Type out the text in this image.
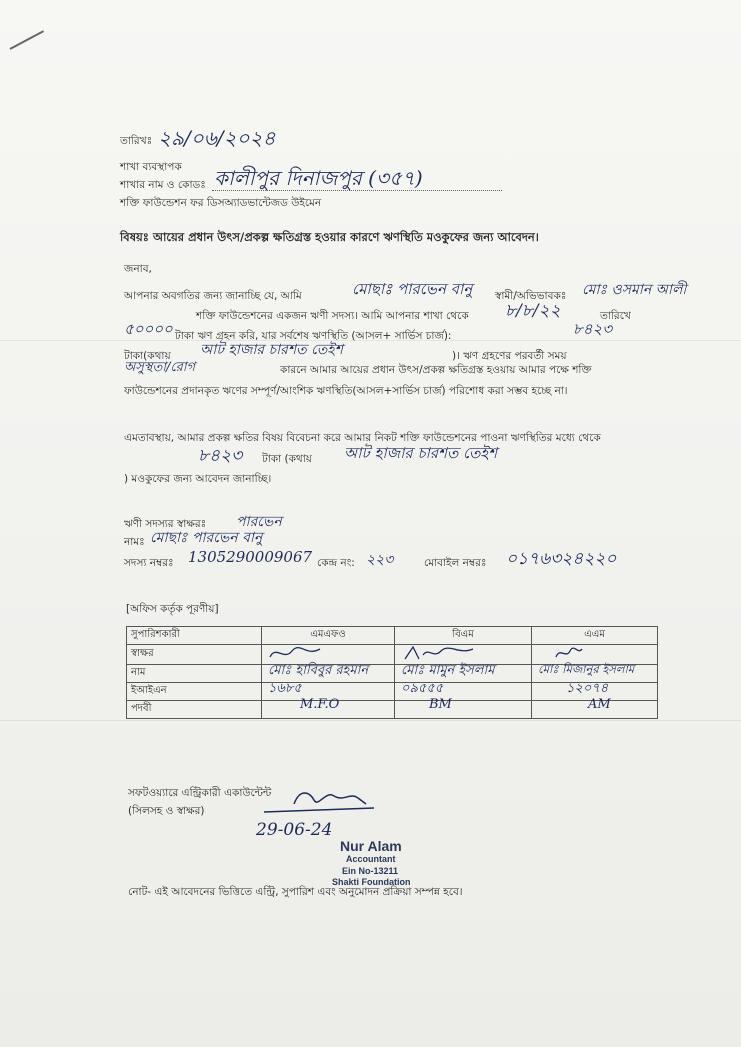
তারিখঃ ২৯/০৬/২০২৪
শাখা ব্যবস্থাপক
শাখার নাম ও কোডঃ কালীপুর দিনাজপুর (৩৫৭)
শক্তি ফাউন্ডেশন ফর ডিসঅ্যাডভান্টেজড উইমেন
বিষয়ঃ আয়ের প্রধান উৎস/প্রকল্প ক্ষতিগ্রস্ত হওয়ার কারণে ঋণস্থিতি মওকুফের জন্য আবেদন।
জনাব,
আপনার অবগতির জন্য জানাচ্ছি যে, আমি	মোছাঃ পারভেন বানু স্বামী/অভিভাবকঃ মোঃ ওসমান আলী
শক্তি ফাউন্ডেশনের একজন ঋণী সদস্য। আমি আপনার শাখা থেকে ৮/৮/২২	তারিখে
৫০০০০ টাকা ঋণ গ্রহন করি, যার সর্বশেষ ঋণস্থিতি (আসল+ সার্ভিস চার্জ):	৮৪২৩
টাকা(কথায় আট হাজার চারশত তেইশ	)। ঋণ গ্রহণের পরবর্তী সময়
অসুস্থতা/রোগ	কারনে আমার আয়ের প্রধান উৎস/প্রকল্প ক্ষতিগ্রস্ত হওয়ায় আমার পক্ষে শক্তি ফাউন্ডেশনের প্রদানকৃত ঋণের সম্পূর্ণ/আংশিক ঋণস্থিতি(আসল+সার্ভিস চার্জ) পরিশোধ করা সম্ভব হচ্ছে না।
এমতাবস্থায়, আমার প্রকল্প ক্ষতির বিষয় বিবেচনা করে আমার নিকট শক্তি ফাউন্ডেশনের পাওনা ঋণস্থিতির মধ্যে থেকে
৮৪২৩ টাকা (কথায় আট হাজার চারশত তেইশ
) মওকুফের জন্য আবেদন জানাচ্ছি।
ঋণী সদস্যর স্বাক্ষরঃ পারভেন
নামঃ মোছাঃ পারভেন বানু
সদস্য নম্বরঃ 1305290009067 কেন্দ্র নং: ২২৩	মোবাইল নম্বরঃ ০১৭৬৩২৪২২০
[অফিস কর্তৃক পূরণীয়]
সুপারিশকারী	এমএফও	বিএম	এএম
স্বাক্ষর			
নাম	মোঃ হাবিবুর রহমান	মোঃ মামুন ইসলাম	মোঃ মিজানুর ইসলাম

ইআইএন	১৬৮৫	০৯৫৫৫	১২০৭৪

পদবী	M.F.O	BM	AM
সফটওয়্যারে এন্ট্রিকারী একাউন্টেন্ট
(সিলসহ ও স্বাক্ষর)
29-06-24
Nur Alam
Accountant
Ein No-13211
Shakti Foundation
নোট- এই আবেদনের ভিত্তিতে এন্ট্রি, সুপারিশ এবং অনুমোদন প্রক্রিয়া সম্পন্ন হবে।
